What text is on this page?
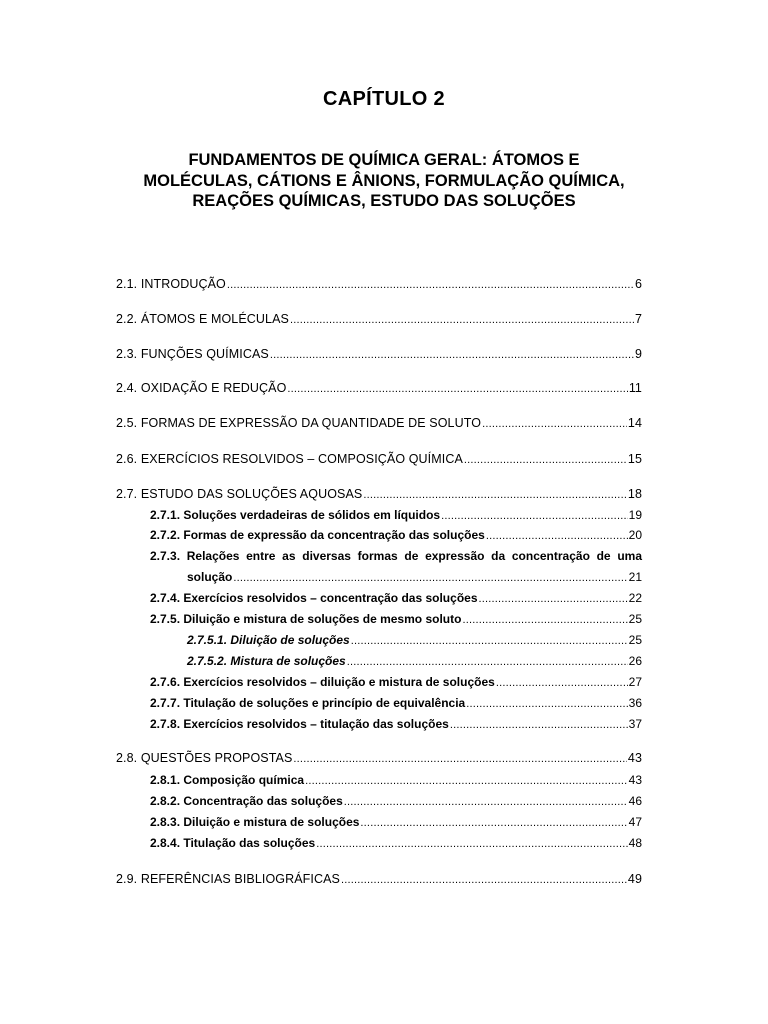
CAPÍTULO 2
FUNDAMENTOS DE QUÍMICA GERAL: ÁTOMOS E
MOLÉCULAS, CÁTIONS E ÂNIONS, FORMULAÇÃO QUÍMICA,
REAÇÕES QUÍMICAS, ESTUDO DAS SOLUÇÕES
2.1. INTRODUÇÃO .....	6
2.2. ÁTOMOS E MOLÉCULAS .....	7
2.3. FUNÇÕES QUÍMICAS .....	9
2.4. OXIDAÇÃO E REDUÇÃO .....	11
2.5. FORMAS DE EXPRESSÃO DA QUANTIDADE DE SOLUTO .....	14
2.6. EXERCÍCIOS RESOLVIDOS – COMPOSIÇÃO QUÍMICA .....	15
2.7. ESTUDO DAS SOLUÇÕES AQUOSAS .....	18
2.7.1. Soluções verdadeiras de sólidos em líquidos .....	19
2.7.2. Formas de expressão da concentração das soluções .....	20
2.7.3. Relações entre as diversas formas de expressão da concentração de uma
solução .....	21
2.7.4. Exercícios resolvidos – concentração das soluções .....	22
2.7.5. Diluição e mistura de soluções de mesmo soluto .....	25
2.7.5.1. Diluição de soluções .....	25
2.7.5.2. Mistura de soluções .....	26
2.7.6. Exercícios resolvidos – diluição e mistura de soluções .....	27
2.7.7. Titulação de soluções e princípio de equivalência .....	36
2.7.8. Exercícios resolvidos – titulação das soluções .....	37
2.8. QUESTÕES PROPOSTAS .....	43
2.8.1. Composição química .....	43
2.8.2. Concentração das soluções .....	46
2.8.3. Diluição e mistura de soluções .....	47
2.8.4. Titulação das soluções .....	48
2.9. REFERÊNCIAS BIBLIOGRÁFICAS .....	49
